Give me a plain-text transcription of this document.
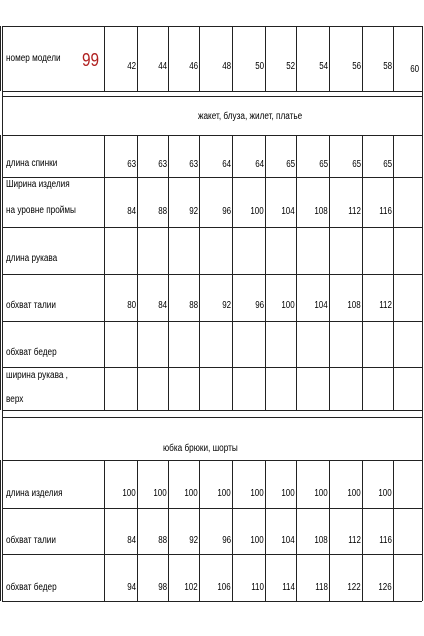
номер модели 99	42 44 46 48 50 52 54 56 58 60
жакет, блуза, жилет, платье
длина спинки	63 63 63 64 64 65 65 65 65
Ширина изделия
на уровне проймы	84 88 92 96 100 104 108 112 116
длина рукава
обхват талии	80 84 88 92 96 100 104 108 112
обхват бедер
ширина рукава ,
верх
юбка брюки, шорты
длина изделия	100 100 100 100 100 100 100 100 100
обхват талии	84 88 92 96 100 104 108 112 116
обхват бедер	94 98 102 106 110 114 118 122 126
